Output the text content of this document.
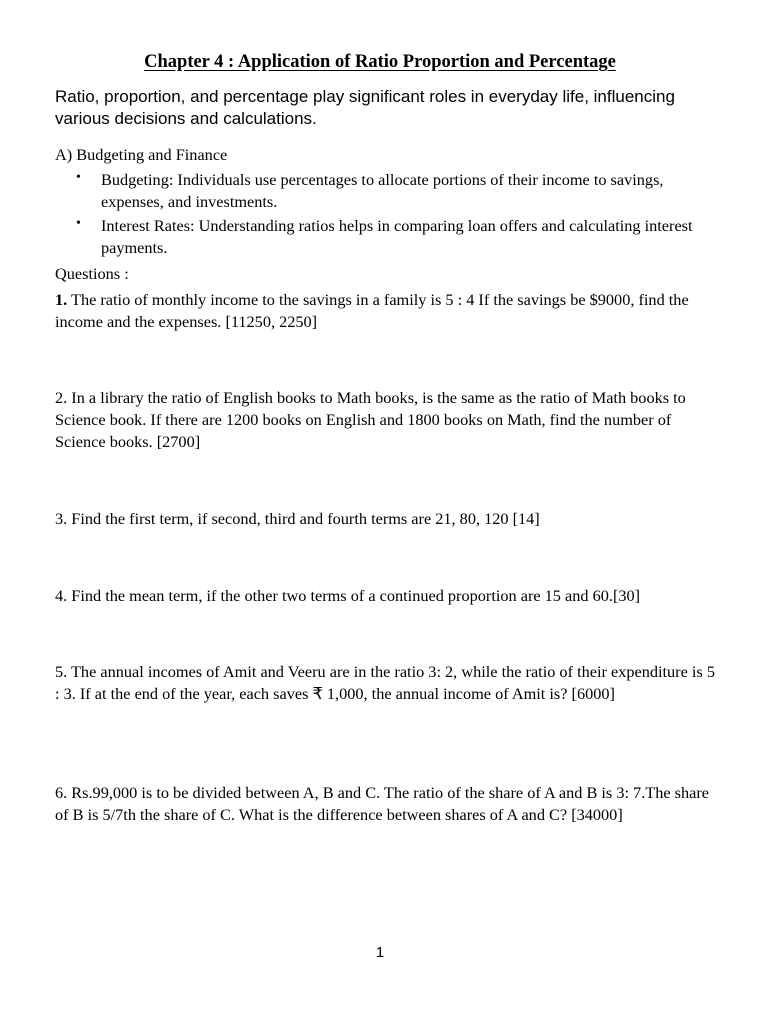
Chapter 4 : Application of Ratio Proportion and Percentage
Ratio, proportion, and percentage play significant roles in everyday life, influencing various decisions and calculations.
A) Budgeting and Finance
• Budgeting: Individuals use percentages to allocate portions of their income to savings, expenses, and investments.
• Interest Rates: Understanding ratios helps in comparing loan offers and calculating interest payments.
Questions :
1. The ratio of monthly income to the savings in a family is 5 : 4 If the savings be $9000, find the income and the expenses. [11250, 2250]
2. In a library the ratio of English books to Math books, is the same as the ratio of Math books to Science book. If there are 1200 books on English and 1800 books on Math, find the number of Science books. [2700]
3. Find the first term, if second, third and fourth terms are 21, 80, 120 [14]
4. Find the mean term, if the other two terms of a continued proportion are 15 and 60.[30]
5. The annual incomes of Amit and Veeru are in the ratio 3: 2, while the ratio of their expenditure is 5 : 3. If at the end of the year, each saves ₹ 1,000, the annual income of Amit is? [6000]
6. Rs.99,000 is to be divided between A, B and C. The ratio of the share of A and B is 3: 7.The share of B is 5/7th the share of C. What is the difference between shares of A and C? [34000]
1
